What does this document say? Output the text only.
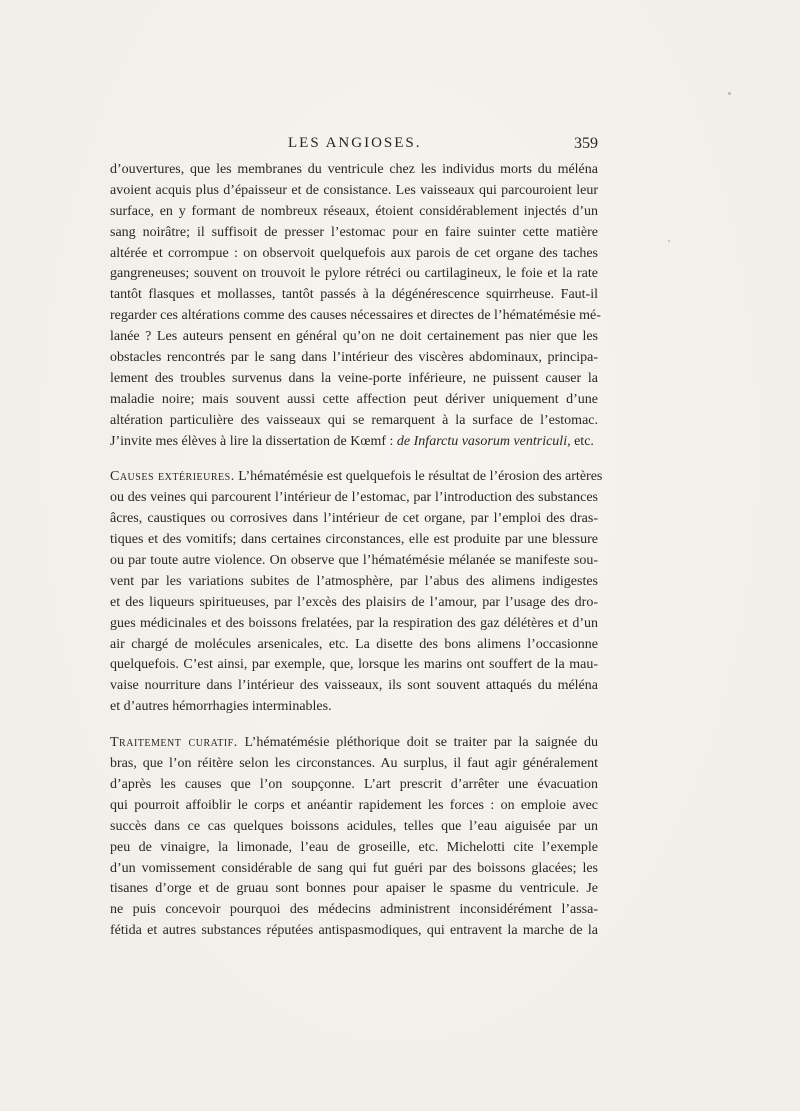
LES ANGIOSES.	359
d’ouvertures, que les membranes du ventricule chez les individus morts du méléna
avoient acquis plus d’épaisseur et de consistance. Les vaisseaux qui parcouroient leur
surface, en y formant de nombreux réseaux, étoient considérablement injectés d’un
sang noirâtre; il suffisoit de presser l’estomac pour en faire suinter cette matière
altérée et corrompue : on observoit quelquefois aux parois de cet organe des taches
gangreneuses; souvent on trouvoit le pylore rétréci ou cartilagineux, le foie et la rate
tantôt flasques et mollasses, tantôt passés à la dégénérescence squirrheuse. Faut-il
regarder ces altérations comme des causes nécessaires et directes de l’hématémésie mé-
lanée ? Les auteurs pensent en général qu’on ne doit certainement pas nier que les
obstacles rencontrés par le sang dans l’intérieur des viscères abdominaux, principa-
lement des troubles survenus dans la veine-porte inférieure, ne puissent causer la
maladie noire; mais souvent aussi cette affection peut dériver uniquement d’une
altération particulière des vaisseaux qui se remarquent à la surface de l’estomac.
J’invite mes élèves à lire la dissertation de Kœmf : de Infarctu vasorum ventriculi, etc.
Causes extérieures. L’hématémésie est quelquefois le résultat de l’érosion des artères
ou des veines qui parcourent l’intérieur de l’estomac, par l’introduction des substances
âcres, caustiques ou corrosives dans l’intérieur de cet organe, par l’emploi des dras-
tiques et des vomitifs; dans certaines circonstances, elle est produite par une blessure
ou par toute autre violence. On observe que l’hématémésie mélanée se manifeste sou-
vent par les variations subites de l’atmosphère, par l’abus des alimens indigestes
et des liqueurs spiritueuses, par l’excès des plaisirs de l’amour, par l’usage des dro-
gues médicinales et des boissons frelatées, par la respiration des gaz délétères et d’un
air chargé de molécules arsenicales, etc. La disette des bons alimens l’occasionne
quelquefois. C’est ainsi, par exemple, que, lorsque les marins ont souffert de la mau-
vaise nourriture dans l’intérieur des vaisseaux, ils sont souvent attaqués du méléna
et d’autres hémorrhagies interminables.
Traitement curatif. L’hématémésie pléthorique doit se traiter par la saignée du
bras, que l’on réitère selon les circonstances. Au surplus, il faut agir généralement
d’après les causes que l’on soupçonne. L’art prescrit d’arrêter une évacuation
qui pourroit affoiblir le corps et anéantir rapidement les forces : on emploie avec
succès dans ce cas quelques boissons acidules, telles que l’eau aiguisée par un
peu de vinaigre, la limonade, l’eau de groseille, etc. Michelotti cite l’exemple
d’un vomissement considérable de sang qui fut guéri par des boissons glacées; les
tisanes d’orge et de gruau sont bonnes pour apaiser le spasme du ventricule. Je
ne puis concevoir pourquoi des médecins administrent inconsidérément l’assa-
fétida et autres substances réputées antispasmodiques, qui entravent la marche de la
